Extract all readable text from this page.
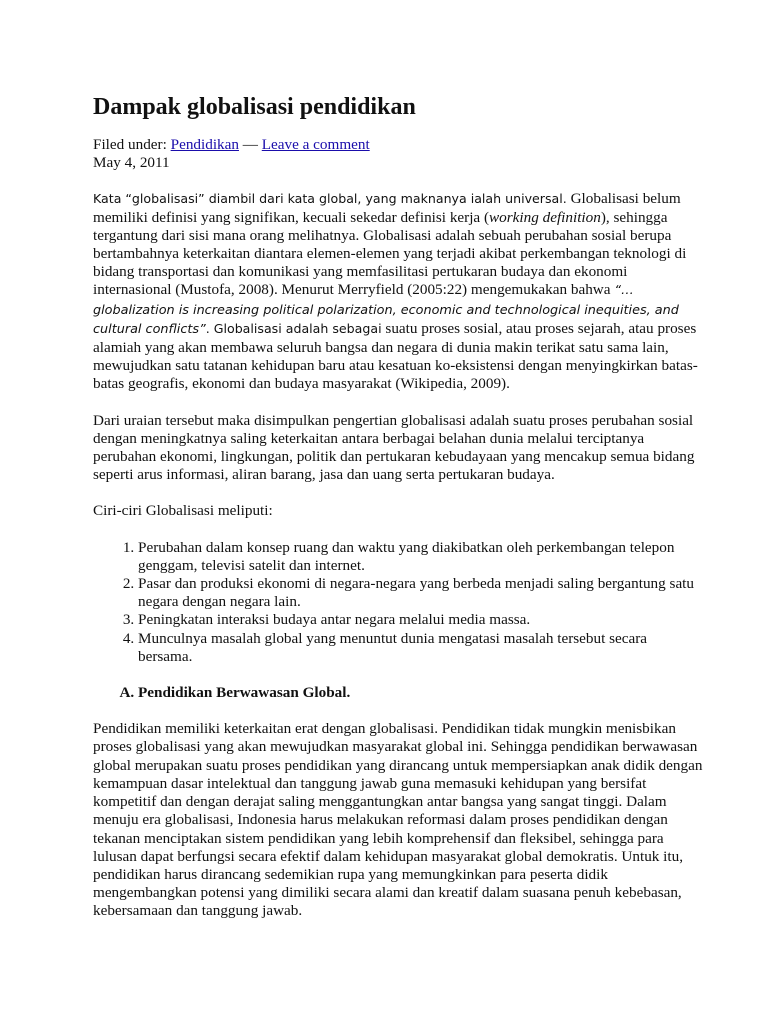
Dampak globalisasi pendidikan
Filed under: Pendidikan — Leave a comment
May 4, 2011

Kata “globalisasi” diambil dari kata global, yang maknanya ialah universal. Globalisasi belum memiliki definisi yang signifikan, kecuali sekedar definisi kerja (working definition), sehingga tergantung dari sisi mana orang melihatnya. Globalisasi adalah sebuah perubahan sosial berupa bertambahnya keterkaitan diantara elemen-elemen yang terjadi akibat perkembangan teknologi di bidang transportasi dan komunikasi yang memfasilitasi pertukaran budaya dan ekonomi internasional (Mustofa, 2008). Menurut Merryfield (2005:22) mengemukakan bahwa “… globalization is increasing political polarization, economic and technological inequities, and cultural conflicts”. Globalisasi adalah sebagai suatu proses sosial, atau proses sejarah, atau proses alamiah yang akan membawa seluruh bangsa dan negara di dunia makin terikat satu sama lain, mewujudkan satu tatanan kehidupan baru atau kesatuan ko-eksistensi dengan menyingkirkan batas-batas geografis, ekonomi dan budaya masyarakat (Wikipedia, 2009).

Dari uraian tersebut maka disimpulkan pengertian globalisasi adalah suatu proses perubahan sosial dengan meningkatnya saling keterkaitan antara berbagai belahan dunia melalui terciptanya perubahan ekonomi, lingkungan, politik dan pertukaran kebudayaan yang mencakup semua bidang seperti arus informasi, aliran barang, jasa dan uang serta pertukaran budaya.

Ciri-ciri Globalisasi meliputi:

1. Perubahan dalam konsep ruang dan waktu yang diakibatkan oleh perkembangan telepon genggam, televisi satelit dan internet.
2. Pasar dan produksi ekonomi di negara-negara yang berbeda menjadi saling bergantung satu negara dengan negara lain.
3. Peningkatan interaksi budaya antar negara melalui media massa.
4. Munculnya masalah global yang menuntut dunia mengatasi masalah tersebut secara bersama.
A. Pendidikan Berwawasan Global.

Pendidikan memiliki keterkaitan erat dengan globalisasi. Pendidikan tidak mungkin menisbikan proses globalisasi yang akan mewujudkan masyarakat global ini. Sehingga pendidikan berwawasan global merupakan suatu proses pendidikan yang dirancang untuk mempersiapkan anak didik dengan kemampuan dasar intelektual dan tanggung jawab guna memasuki kehidupan yang bersifat kompetitif dan dengan derajat saling menggantungkan antar bangsa yang sangat tinggi. Dalam menuju era globalisasi, Indonesia harus melakukan reformasi dalam proses pendidikan dengan tekanan menciptakan sistem pendidikan yang lebih komprehensif dan fleksibel, sehingga para lulusan dapat berfungsi secara efektif dalam kehidupan masyarakat global demokratis. Untuk itu, pendidikan harus dirancang sedemikian rupa yang memungkinkan para peserta didik mengembangkan potensi yang dimiliki secara alami dan kreatif dalam suasana penuh kebebasan, kebersamaan dan tanggung jawab.
